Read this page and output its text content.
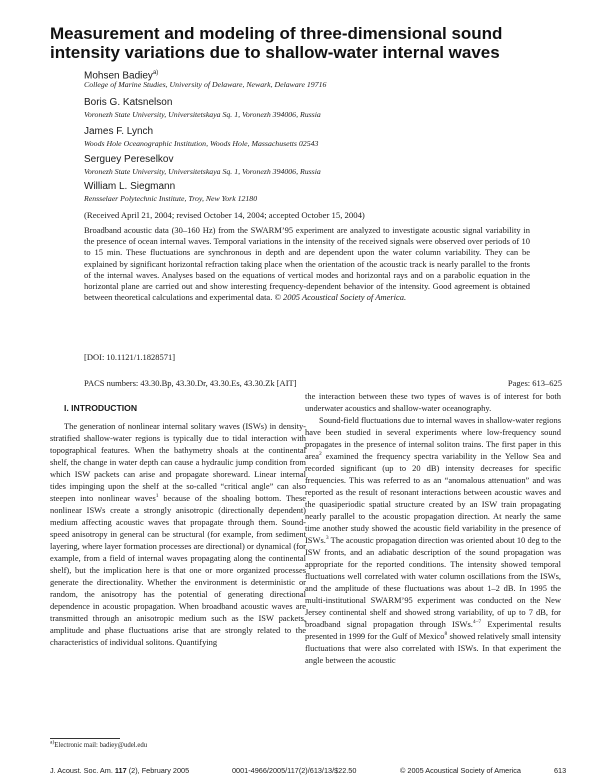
Measurement and modeling of three-dimensional sound intensity variations due to shallow-water internal waves

Mohsen Badiey$^{a)}$

College of Marine Studies, University of Delaware, Newark, Delaware 19716

Boris G. Katsnelson

Voronezh State University, Universitetskaya Sq. 1, Voronezh 394006, Russia

James F. Lynch

Woods Hole Oceanographic Institution, Woods Hole, Massachusetts 02543

Serguey Pereselkov

Voronezh State University, Universitetskaya Sq. 1, Voronezh 394006, Russia

William L. Siegmann

Rensselaer Polytechnic Institute, Troy, New York 12180

(Received April 21, 2004; revised October 14, 2004; accepted October 15, 2004)

Broadband acoustic data (30–160 Hz) from the SWARM’95 experiment are analyzed to investigate acoustic signal variability in the presence of ocean internal waves. Temporal variations in the intensity of the received signals were observed over periods of 10 to 15 min. These fluctuations are synchronous in depth and are dependent upon the water column variability. They can be explained by significant horizontal refraction taking place when the orientation of the acoustic track is nearly parallel to the fronts of the internal waves. Analyses based on the equations of vertical modes and horizontal rays and on a parabolic equation in the horizontal plane are carried out and show interesting frequency-dependent behavior of the intensity. Good agreement is obtained between theoretical calculations and experimental data. © 2005 Acoustical Society of America.

[DOI: 10.1121/1.1828571]

PACS numbers: 43.30.Bp, 43.30.Dr, 43.30.Es, 43.30.Zk [AIT]	Pages: 613–625

I. INTRODUCTION

The generation of nonlinear internal solitary waves (ISWs) in density-stratified shallow-water regions is typically due to tidal interaction with topographical features. When the bathymetry shoals at the continental shelf, the change in water depth can cause a hydraulic jump condition from which ISW packets can arise and propagate shoreward. Linear internal tides impinging upon the shelf at the so-called “critical angle” can also steepen into nonlinear waves$^1$ because of the shoaling bottom. These nonlinear ISWs create a strongly anisotropic (directionally dependent) medium affecting acoustic waves that propagate through them. Sound-speed anisotropy in general can be structural (for example, from sediment layering, where layer formation processes are directional) or dynamical (for example, from a field of internal waves propagating along the continental shelf), but the implication here is that one or more organized processes generate the directionality. Whether the environment is deterministic or random, the anisotropy has the potential of generating directional dependence in acoustic propagation. When broadband acoustic waves are transmitted through an anisotropic medium such as the ISW packets, amplitude and phase fluctuations arise that are strongly related to the characteristics of individual solitons. Quantifying

the interaction between these two types of waves is of interest for both underwater acoustics and shallow-water oceanography.

Sound-field fluctuations due to internal waves in shallow-water regions have been studied in several experiments where low-frequency sound propagates in the presence of internal soliton trains. The first paper in this area$^2$ examined the frequency spectra variability in the Yellow Sea and recorded significant (up to 20 dB) intensity decreases for specific frequencies. This was referred to as an “anomalous attenuation” and was reported as the result of resonant interactions between acoustic waves and the quasiperiodic spatial structure created by an ISW train propagating nearly parallel to the acoustic propagation direction. At nearly the same time another study showed the acoustic field variability in the presence of ISWs.$^3$ The acoustic propagation direction was oriented about 10 deg to the ISW fronts, and an adiabatic description of the sound propagation was appropriate for the reported conditions. The intensity showed temporal fluctuations well correlated with water column oscillations from the ISWs, and the amplitude of these fluctuations was about 1–2 dB. In 1995 the multi-institutional SWARM’95 experiment was conducted on the New Jersey continental shelf and showed strong variability, of up to 7 dB, for broadband signal propagation through ISWs.$^{4-7}$ Experimental results presented in 1999 for the Gulf of Mexico$^8$ showed relatively small intensity fluctuations that were also correlated with ISWs. In that experiment the angle between the acoustic

$^{a)}$Electronic mail: badiey@udel.edu

J. Acoust. Soc. Am. 117 (2), February 2005	0001-4966/2005/117(2)/613/13/$22.50	© 2005 Acoustical Society of America	613
